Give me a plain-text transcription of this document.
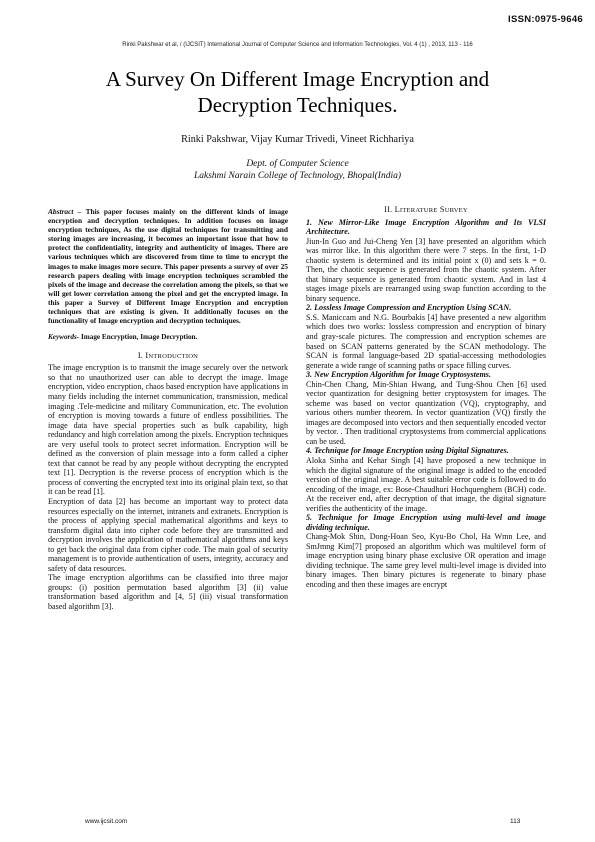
ISSN:0975-9646
Rinki Pakshwar et al, / (IJCSIT) International Journal of Computer Science and Information Technologies, Vol. 4 (1) , 2013, 113 - 116
A Survey On Different Image Encryption and
Decryption Techniques.
Rinki Pakshwar, Vijay Kumar Trivedi, Vineet Richhariya
Dept. of Computer Science
Lakshmi Narain College of Technology, Bhopal(India)

Abstract – This paper focuses mainly on the different kinds of image encryption and decryption techniques. In addition focuses on image encryption techniques, As the use digital techniques for transmitting and storing images are increasing, it becomes an important issue that how to protect the confidentiality, integrity and authenticity of images. There are various techniques which are discovered from time to time to encrypt the images to make images more secure. This paper presents a survey of over 25 research papers dealing with image encryption techniques scrambled the pixels of the image and decrease the correlation among the pixels, so that we will get lower correlation among the pixel and get the encrypted image. In this paper a Survey of Different Image Encryption and encryption techniques that are existing is given. It additionally focuses on the functionality of Image encryption and decryption techniques.

Keywords- Image Encryption, Image Decryption.

I. INTRODUCTION

The image encryption is to transmit the image securely over the network so that no unauthorized user can able to decrypt the image. Image encryption, video encryption, chaos based encryption have applications in many fields including the internet communication, transmission, medical imaging .Tele-medicine and military Communication, etc. The evolution of encryption is moving towards a future of endless possibilities. The image data have special properties such as bulk capability, high redundancy and high correlation among the pixels. Encryption techniques are very useful tools to protect secret information. Encryption will be defined as the conversion of plain message into a form called a cipher text that cannot be read by any people without decrypting the encrypted text [1]. Decryption is the reverse process of encryption which is the process of converting the encrypted text into its original plain text, so that it can be read [1].

Encryption of data [2] has become an important way to protect data resources especially on the internet, intranets and extranets. Encryption is the process of applying special mathematical algorithms and keys to transform digital data into cipher code before they are transmitted and decryption involves the application of mathematical algorithms and keys to get back the original data from cipher code. The main goal of security management is to provide authentication of users, integrity, accuracy and safety of data resources.

The image encryption algorithms can be classified into three major groups: (i) position permutation based algorithm [3] (ii) value transformation based algorithm and [4, 5] (iii) visual transformation based algorithm [3].

II. LITERATURE SURVEY

1. New Mirror-Like Image Encryption Algorithm and Its VLSI Architecture.

Jiun-In Guo and Jui-Cheng Yen [3] have presented an algorithm which was mirror like. In this algorithm there were 7 steps. In the first, 1-D chaotic system is determined and its initial point x (0) and sets k = 0. Then, the chaotic sequence is generated from the chaotic system. After that binary sequence is generated from chaotic system. And in last 4 stages image pixels are rearranged using swap function according to the binary sequence.

2. Lossless Image Compression and Encryption Using SCAN.

S.S. Maniccam and N.G. Bourbakis [4] have presented a new algorithm which does two works: lossless compression and encryption of binary and gray-scale pictures. The compression and encryption schemes are based on SCAN patterns generated by the SCAN methodology. The SCAN is formal language-based 2D spatial-accessing methodologies generate a wide range of scanning paths or space filling curves.

3. New Encryption Algorithm for Image Cryptosystems.

Chin-Chen Chang, Min-Shian Hwang, and Tung-Shou Chen [6] used vector quantization for designing better cryptosystem for images. The scheme was based on vector quantization (VQ), cryptography, and various others number theorem. In vector quantization (VQ) firstly the images are decomposed into vectors and then sequentially encoded vector by vector. . Then traditional cryptosystems from commercial applications can be used.

4. Technique for Image Encryption using Digital Signatures.

Aloka Sinha and Kehar Singh [4] have proposed a new technique in which the digital signature of the original image is added to the encoded version of the original image. A best suitable error code is followed to do encoding of the image, ex: Bose-Chaudhuri Hochquenghem (BCH) code. At the receiver end, after decryption of that image, the digital signature verifies the authenticity of the image.

5. Technique for Image Encryption using multi-level and image dividing technique.

Chang-Mok Shin, Dong-Hoan Seo, Kyu-Bo Chol, Ha Wmn Lee, and SmJmng Kim[7] proposed an algorithm which was multilevel form of image encryption using binary phase exclusive OR operation and image dividing technique. The same grey level multi-level image is divided into binary images. Then binary pictures is regenerate to binary phase encoding and then these images are encrypt

www.ijcsit.com	113
